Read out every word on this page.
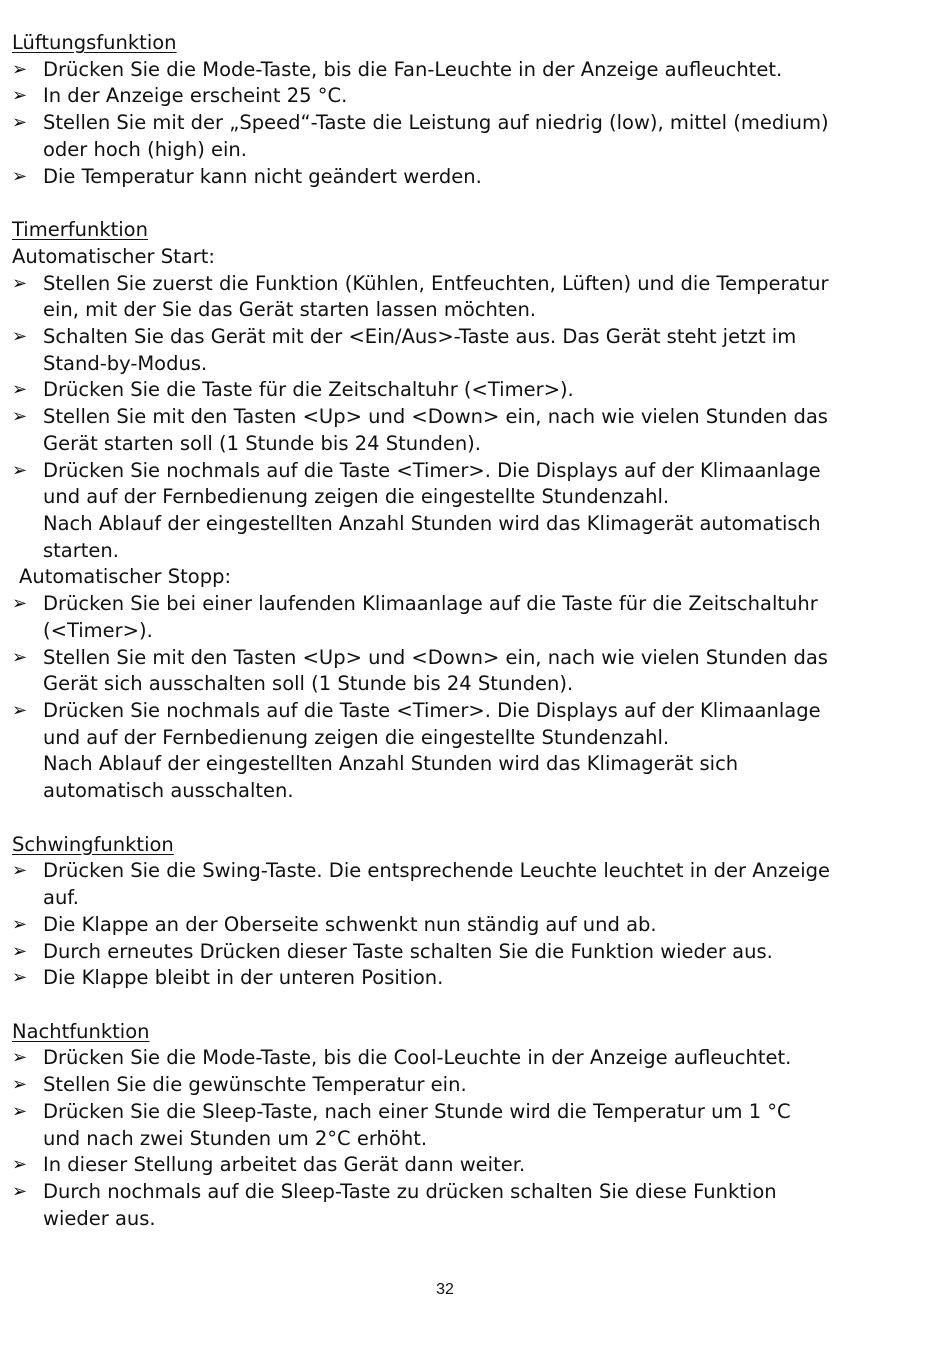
Lüftungsfunktion

➢ Drücken Sie die Mode-Taste, bis die Fan-Leuchte in der Anzeige aufleuchtet.

➢ In der Anzeige erscheint 25 °C.

➢ Stellen Sie mit der „Speed“-Taste die Leistung auf niedrig (low), mittel (medium)

oder hoch (high) ein.

➢ Die Temperatur kann nicht geändert werden.

Timerfunktion

Automatischer Start:

➢ Stellen Sie zuerst die Funktion (Kühlen, Entfeuchten, Lüften) und die Temperatur

ein, mit der Sie das Gerät starten lassen möchten.

➢ Schalten Sie das Gerät mit der <Ein/Aus>-Taste aus. Das Gerät steht jetzt im

Stand-by-Modus.

➢ Drücken Sie die Taste für die Zeitschaltuhr (<Timer>).

➢ Stellen Sie mit den Tasten <Up> und <Down> ein, nach wie vielen Stunden das

Gerät starten soll (1 Stunde bis 24 Stunden).

➢ Drücken Sie nochmals auf die Taste <Timer>. Die Displays auf der Klimaanlage

und auf der Fernbedienung zeigen die eingestellte Stundenzahl.

Nach Ablauf der eingestellten Anzahl Stunden wird das Klimagerät automatisch

starten.

Automatischer Stopp:

➢ Drücken Sie bei einer laufenden Klimaanlage auf die Taste für die Zeitschaltuhr

(<Timer>).

➢ Stellen Sie mit den Tasten <Up> und <Down> ein, nach wie vielen Stunden das

Gerät sich ausschalten soll (1 Stunde bis 24 Stunden).

➢ Drücken Sie nochmals auf die Taste <Timer>. Die Displays auf der Klimaanlage

und auf der Fernbedienung zeigen die eingestellte Stundenzahl.

Nach Ablauf der eingestellten Anzahl Stunden wird das Klimagerät sich

automatisch ausschalten.

Schwingfunktion

➢ Drücken Sie die Swing-Taste. Die entsprechende Leuchte leuchtet in der Anzeige

auf.

➢ Die Klappe an der Oberseite schwenkt nun ständig auf und ab.

➢ Durch erneutes Drücken dieser Taste schalten Sie die Funktion wieder aus.

➢ Die Klappe bleibt in der unteren Position.

Nachtfunktion

➢ Drücken Sie die Mode-Taste, bis die Cool-Leuchte in der Anzeige aufleuchtet.

➢ Stellen Sie die gewünschte Temperatur ein.

➢ Drücken Sie die Sleep-Taste, nach einer Stunde wird die Temperatur um 1 °C

und nach zwei Stunden um 2°C erhöht.

➢ In dieser Stellung arbeitet das Gerät dann weiter.

➢ Durch nochmals auf die Sleep-Taste zu drücken schalten Sie diese Funktion

wieder aus.

32
